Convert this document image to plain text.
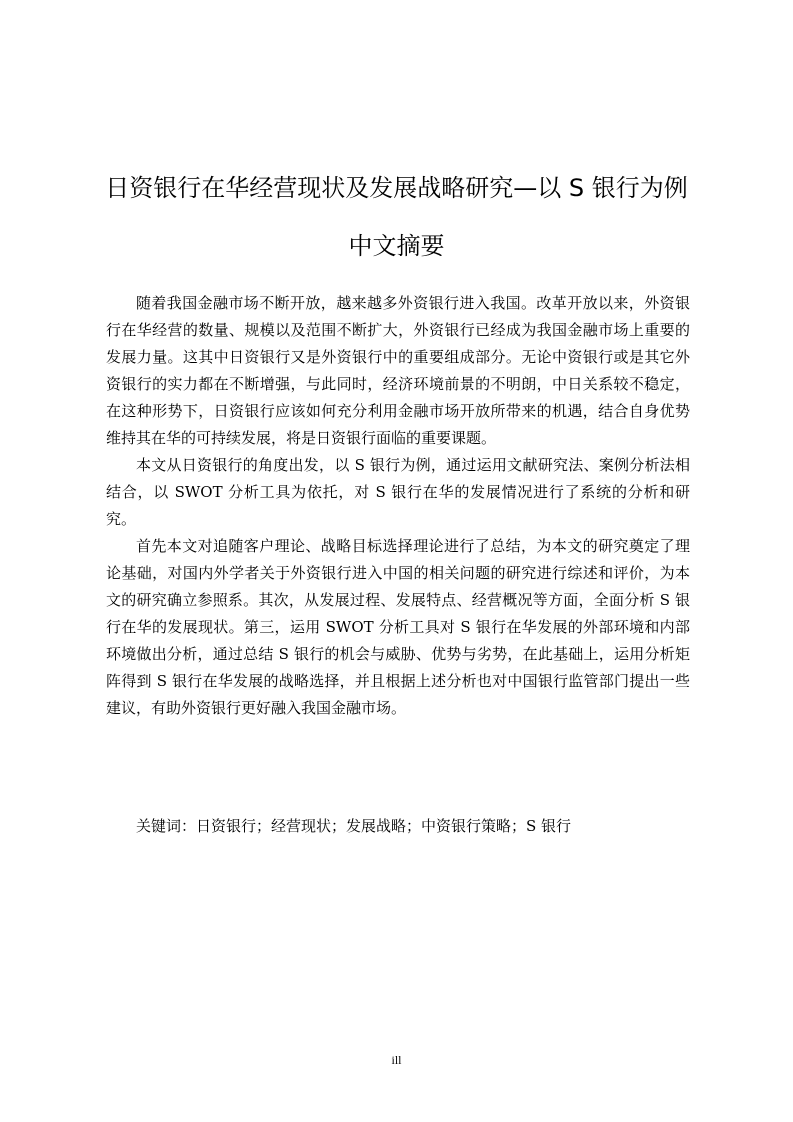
日资银行在华经营现状及发展战略研究—以 S 银行为例
中文摘要

随着我国金融市场不断开放，越来越多外资银行进入我国。改革开放以来，外资银行在华经营的数量、规模以及范围不断扩大，外资银行已经成为我国金融市场上重要的发展力量。这其中日资银行又是外资银行中的重要组成部分。无论中资银行或是其它外资银行的实力都在不断增强，与此同时，经济环境前景的不明朗，中日关系较不稳定，在这种形势下，日资银行应该如何充分利用金融市场开放所带来的机遇，结合自身优势维持其在华的可持续发展，将是日资银行面临的重要课题。

本文从日资银行的角度出发，以 S 银行为例，通过运用文献研究法、案例分析法相结合，以 SWOT 分析工具为依托，对 S 银行在华的发展情况进行了系统的分析和研究。

首先本文对追随客户理论、战略目标选择理论进行了总结，为本文的研究奠定了理论基础，对国内外学者关于外资银行进入中国的相关问题的研究进行综述和评价，为本文的研究确立参照系。其次，从发展过程、发展特点、经营概况等方面，全面分析 S 银行在华的发展现状。第三，运用 SWOT 分析工具对 S 银行在华发展的外部环境和内部环境做出分析，通过总结 S 银行的机会与威胁、优势与劣势，在此基础上，运用分析矩阵得到 S 银行在华发展的战略选择，并且根据上述分析也对中国银行监管部门提出一些建议，有助外资银行更好融入我国金融市场。

关键词：日资银行；经营现状；发展战略；中资银行策略；S 银行

ill
